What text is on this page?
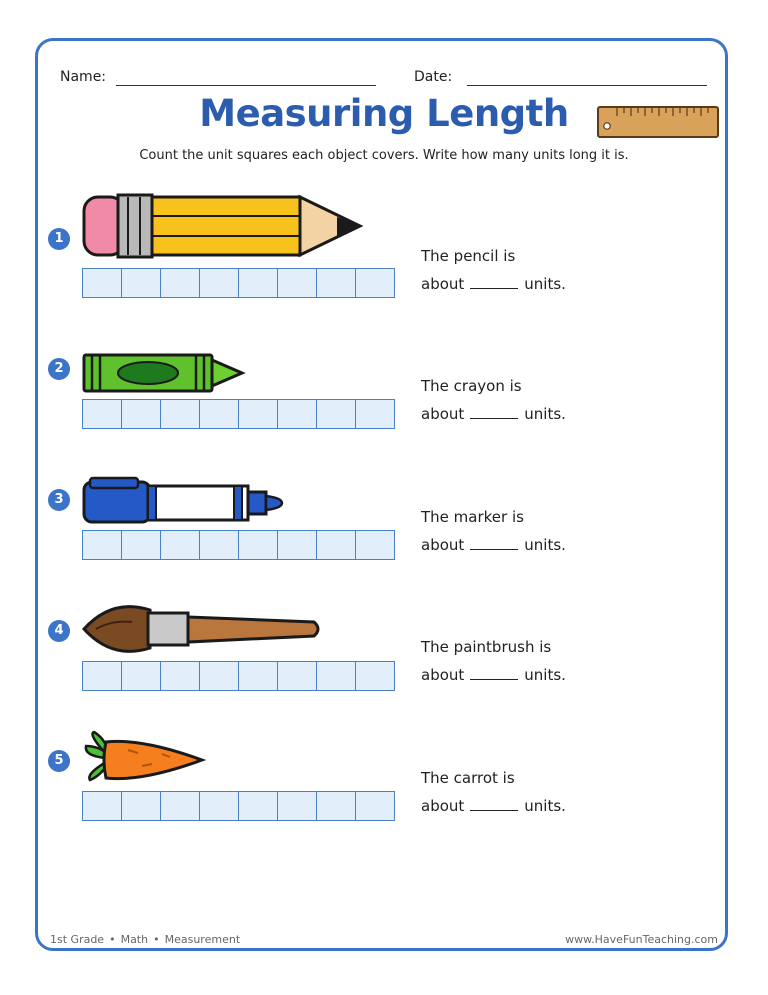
Name:	Date:
Measuring Length
Count the unit squares each object covers. Write how many units long it is.
1
The pencil is
about	units.
2
The crayon is
about	units.
3
The marker is
about	units.
4
The paintbrush is
about	units.
5
The carrot is
about	units.
1st Grade • Math • Measurement	www.HaveFunTeaching.com
